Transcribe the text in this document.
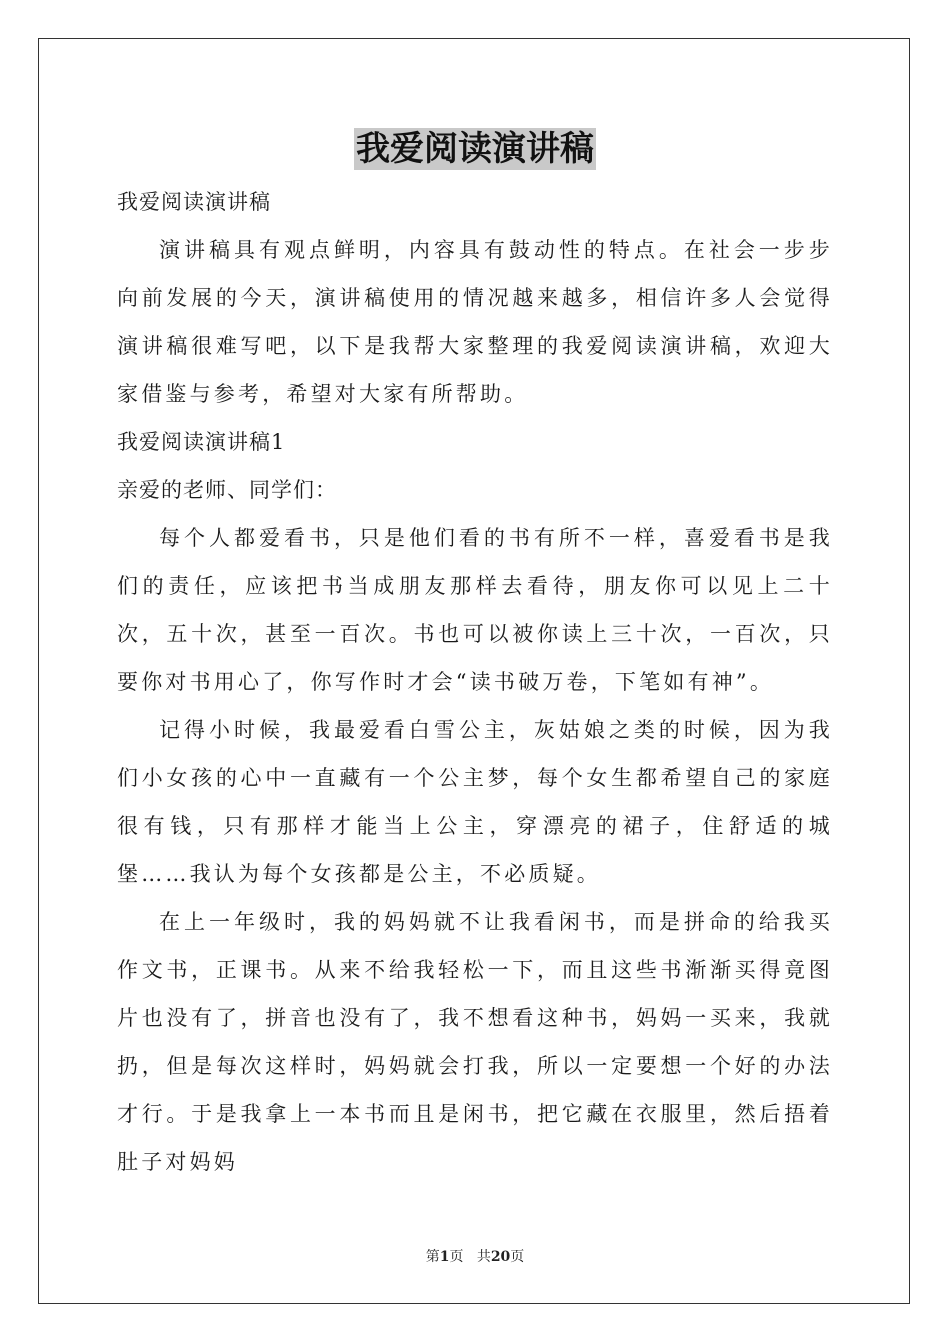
我爱阅读演讲稿

我爱阅读演讲稿

演讲稿具有观点鲜明，内容具有鼓动性的特点。在社会一步步向前发展的今天，演讲稿使用的情况越来越多，相信许多人会觉得演讲稿很难写吧，以下是我帮大家整理的我爱阅读演讲稿，欢迎大家借鉴与参考，希望对大家有所帮助。

我爱阅读演讲稿1

亲爱的老师、同学们：

每个人都爱看书，只是他们看的书有所不一样，喜爱看书是我们的责任，应该把书当成朋友那样去看待，朋友你可以见上二十次，五十次，甚至一百次。书也可以被你读上三十次，一百次，只要你对书用心了，你写作时才会“读书破万卷，下笔如有神”。

记得小时候，我最爱看白雪公主，灰姑娘之类的时候，因为我们小女孩的心中一直藏有一个公主梦，每个女生都希望自己的家庭很有钱，只有那样才能当上公主，穿漂亮的裙子，住舒适的城堡……我认为每个女孩都是公主，不必质疑。

在上一年级时，我的妈妈就不让我看闲书，而是拼命的给我买作文书，正课书。从来不给我轻松一下，而且这些书渐渐买得竟图片也没有了，拼音也没有了，我不想看这种书，妈妈一买来，我就扔，但是每次这样时，妈妈就会打我，所以一定要想一个好的办法才行。于是我拿上一本书而且是闲书，把它藏在衣服里，然后捂着肚子对妈妈

第1页 共20页
